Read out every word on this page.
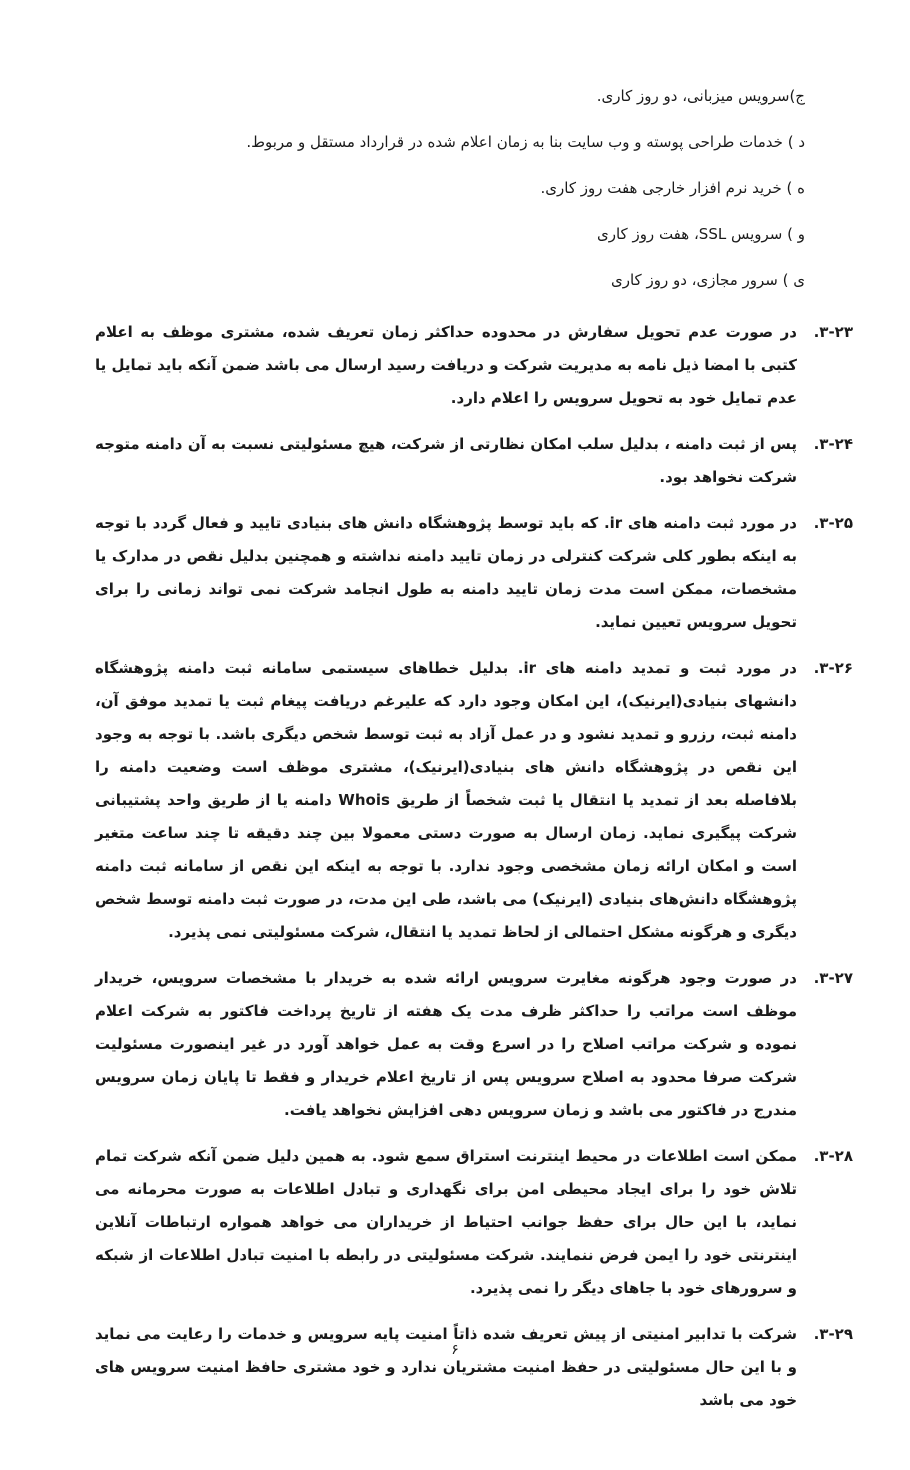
ج)سرویس میزبانی، دو روز کاری.

د ) خدمات طراحی پوسته و وب سایت بنا به زمان اعلام شده در قرارداد مستقل و مربوط.

ه ) خرید نرم افزار خارجی هفت روز کاری.

و ) سرویس SSL، هفت روز کاری

ی ) سرور مجازی، دو روز کاری

۳-۲۳.

در صورت عدم تحویل سفارش در محدوده حداکثر زمان تعریف شده، مشتری موظف به اعلام کتبی با امضا ذیل نامه به مدیریت شرکت و دریافت رسید ارسال می باشد ضمن آنکه باید تمایل یا عدم تمایل خود به تحویل سرویس را اعلام دارد.

۳-۲۴.

پس از ثبت دامنه ، بدلیل سلب امکان نظارتی از شرکت، هیچ مسئولیتی نسبت به آن دامنه متوجه شرکت نخواهد بود.

۳-۲۵.

در مورد ثبت دامنه های ir. که باید توسط پژوهشگاه دانش های بنیادی تایید و فعال گردد با توجه به اینکه بطور کلی شرکت کنترلی در زمان تایید دامنه نداشته و همچنین بدلیل نقص در مدارک یا مشخصات، ممکن است مدت زمان تایید دامنه به طول انجامد شرکت نمی تواند زمانی را برای تحویل سرویس تعیین نماید.

۳-۲۶.

در مورد ثبت و تمدید دامنه های ir. بدلیل خطاهای سیستمی سامانه ثبت دامنه پژوهشگاه دانشهای بنیادی(ایرنیک)، این امکان وجود دارد که علیرغم دریافت پیغام ثبت یا تمدید موفق آن، دامنه ثبت، رزرو و تمدید نشود و در عمل آزاد به ثبت توسط شخص دیگری باشد. با توجه به وجود این نقص در پژوهشگاه دانش های بنیادی(ایرنیک)، مشتری موظف است وضعیت دامنه را بلافاصله بعد از تمدید یا انتقال یا ثبت شخصاً از طریق Whois دامنه یا از طریق واحد پشتیبانی شرکت پیگیری نماید. زمان ارسال به صورت دستی معمولا بین چند دقیقه تا چند ساعت متغیر است و امکان ارائه زمان مشخصی وجود ندارد. با توجه به اینکه این نقص از سامانه ثبت دامنه پژوهشگاه دانش‌های بنیادی (ایرنیک) می باشد، طی این مدت، در صورت ثبت دامنه توسط شخص دیگری و هرگونه مشکل احتمالی از لحاظ تمدید یا انتقال، شرکت مسئولیتی نمی پذیرد.

۳-۲۷.

در صورت وجود هرگونه مغایرت سرویس ارائه شده به خریدار با مشخصات سرویس، خریدار موظف است مراتب را حداکثر ظرف مدت یک هفته از تاریخ پرداخت فاکتور به شرکت اعلام نموده و شرکت مراتب اصلاح را در اسرع وقت به عمل خواهد آورد در غیر اینصورت مسئولیت شرکت صرفا محدود به اصلاح سرویس پس از تاریخ اعلام خریدار و فقط تا پایان زمان سرویس مندرج در فاکتور می باشد و زمان سرویس دهی افزایش نخواهد یافت.

۳-۲۸.

ممکن است اطلاعات در محیط اینترنت استراق سمع شود. به همین دلیل ضمن آنکه شرکت تمام تلاش خود را برای ایجاد محیطی امن برای نگهداری و تبادل اطلاعات به صورت محرمانه می نماید، با این حال برای حفظ جوانب احتیاط از خریداران می خواهد همواره ارتباطات آنلاین اینترنتی خود را ایمن فرض ننمایند. شرکت مسئولیتی در رابطه با امنیت تبادل اطلاعات از شبکه و سرورهای خود با جاهای دیگر را نمی پذیرد.

۳-۲۹.

شرکت با تدابیر امنیتی از پیش تعریف شده ذاتاً امنیت پایه سرویس و خدمات را رعایت می نماید و با این حال مسئولیتی در حفظ امنیت مشتریان ندارد و خود مشتری حافظ امنیت سرویس های خود می باشد

۶
